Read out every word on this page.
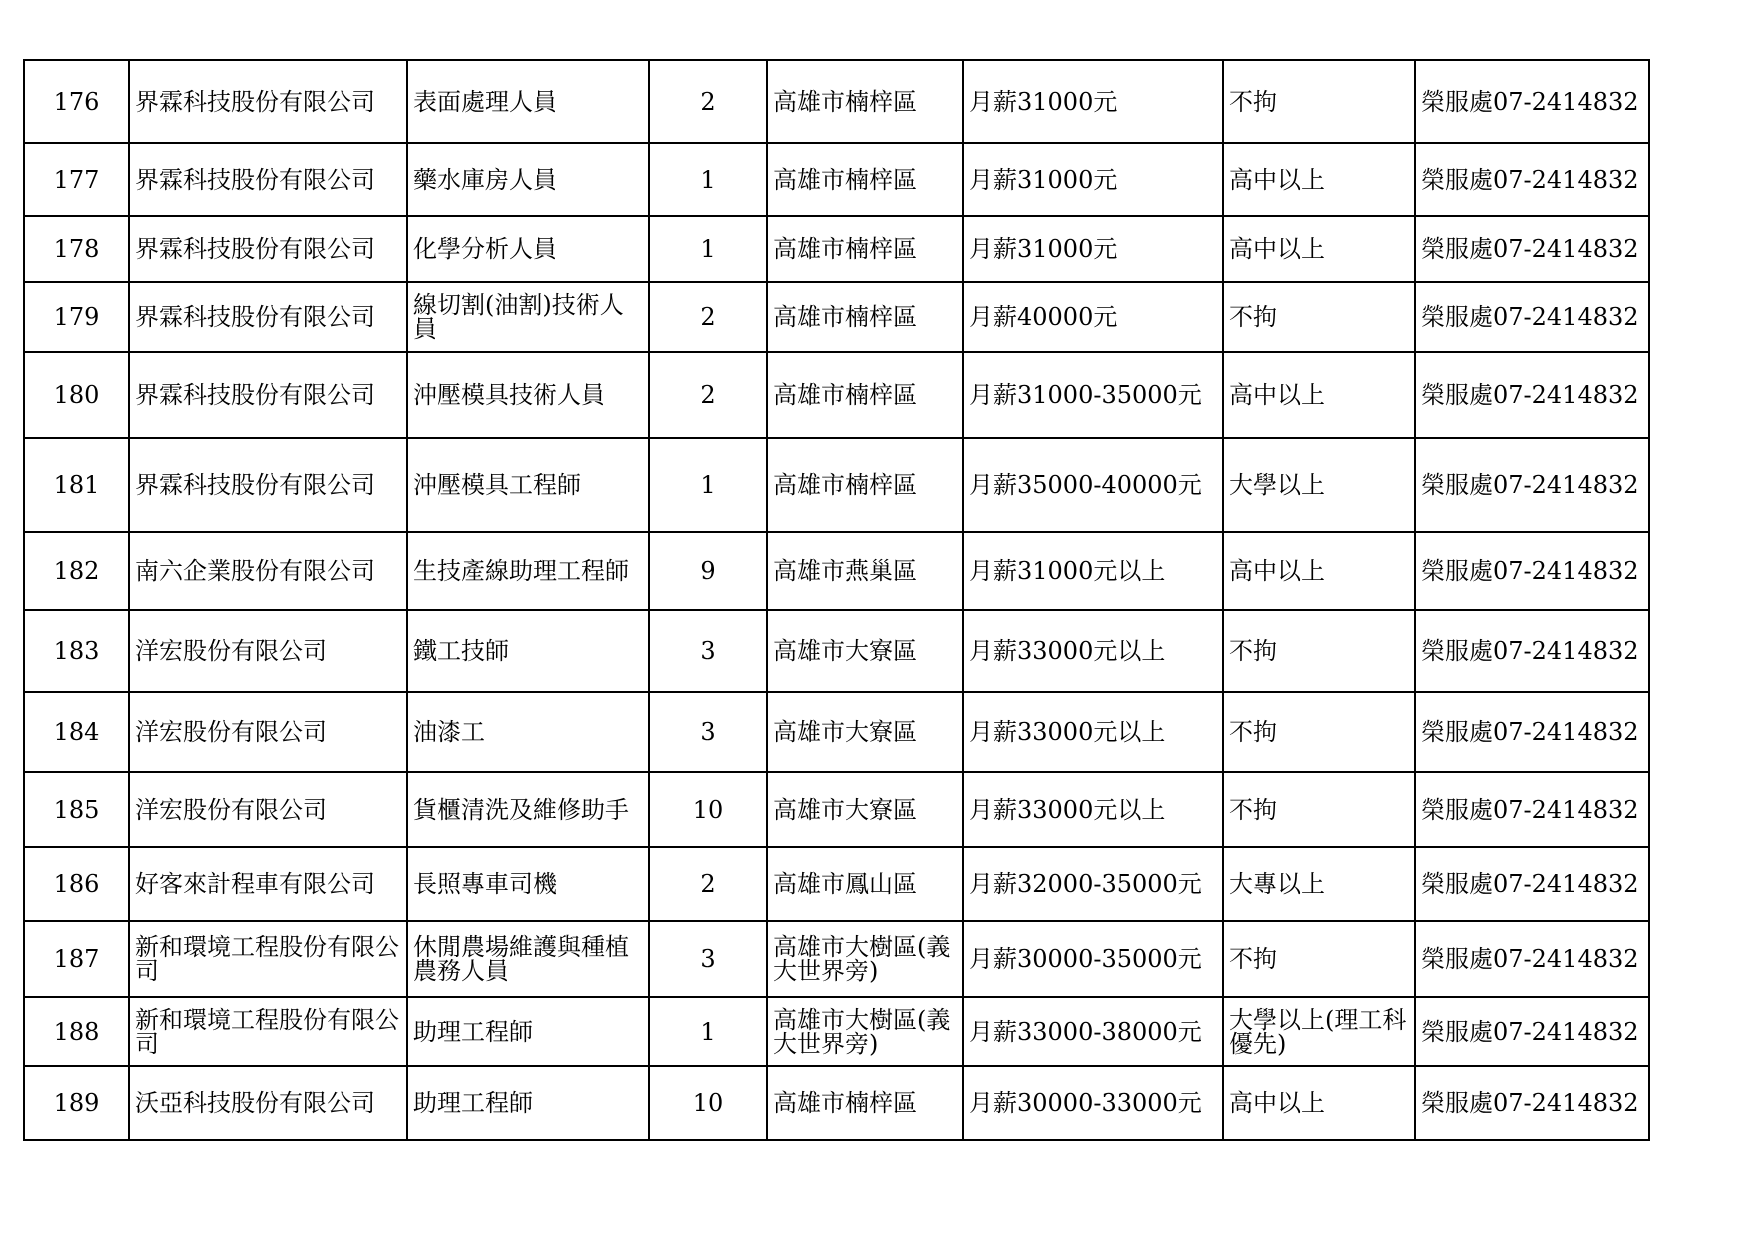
176	界霖科技股份有限公司	表面處理人員	2	高雄市楠梓區	月薪31000元	不拘	榮服處07-2414832
177	界霖科技股份有限公司	藥水庫房人員	1	高雄市楠梓區	月薪31000元	高中以上	榮服處07-2414832
178	界霖科技股份有限公司	化學分析人員	1	高雄市楠梓區	月薪31000元	高中以上	榮服處07-2414832
179	界霖科技股份有限公司	線切割(油割)技術人員	2	高雄市楠梓區	月薪40000元	不拘	榮服處07-2414832
180	界霖科技股份有限公司	沖壓模具技術人員	2	高雄市楠梓區	月薪31000-35000元	高中以上	榮服處07-2414832
181	界霖科技股份有限公司	沖壓模具工程師	1	高雄市楠梓區	月薪35000-40000元	大學以上	榮服處07-2414832
182	南六企業股份有限公司	生技產線助理工程師	9	高雄市燕巢區	月薪31000元以上	高中以上	榮服處07-2414832
183	洋宏股份有限公司	鐵工技師	3	高雄市大寮區	月薪33000元以上	不拘	榮服處07-2414832
184	洋宏股份有限公司	油漆工	3	高雄市大寮區	月薪33000元以上	不拘	榮服處07-2414832
185	洋宏股份有限公司	貨櫃清洗及維修助手	10	高雄市大寮區	月薪33000元以上	不拘	榮服處07-2414832
186	好客來計程車有限公司	長照專車司機	2	高雄市鳳山區	月薪32000-35000元	大專以上	榮服處07-2414832
187	新和環境工程股份有限公司	休閒農場維護與種植農務人員	3	高雄市大樹區(義大世界旁)	月薪30000-35000元	不拘	榮服處07-2414832
188	新和環境工程股份有限公司	助理工程師	1	高雄市大樹區(義大世界旁)	月薪33000-38000元	大學以上(理工科優先)	榮服處07-2414832
189	沃亞科技股份有限公司	助理工程師	10	高雄市楠梓區	月薪30000-33000元	高中以上	榮服處07-2414832
